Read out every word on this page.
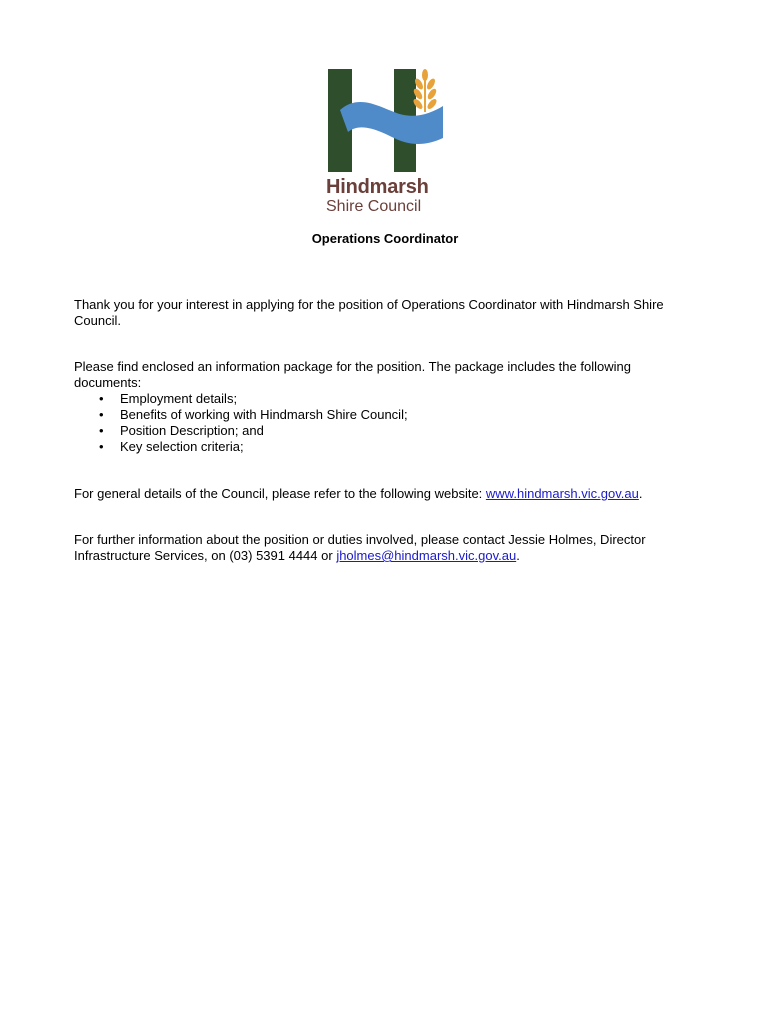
Hindmarsh
Shire Council
Operations Coordinator

Thank you for your interest in applying for the position of Operations Coordinator with Hindmarsh Shire Council.

Please find enclosed an information package for the position. The package includes the following documents:

• Employment details;
• Benefits of working with Hindmarsh Shire Council;
• Position Description; and
• Key selection criteria;

For general details of the Council, please refer to the following website: www.hindmarsh.vic.gov.au.

For further information about the position or duties involved, please contact Jessie Holmes, Director Infrastructure Services, on (03) 5391 4444 or jholmes@hindmarsh.vic.gov.au.
